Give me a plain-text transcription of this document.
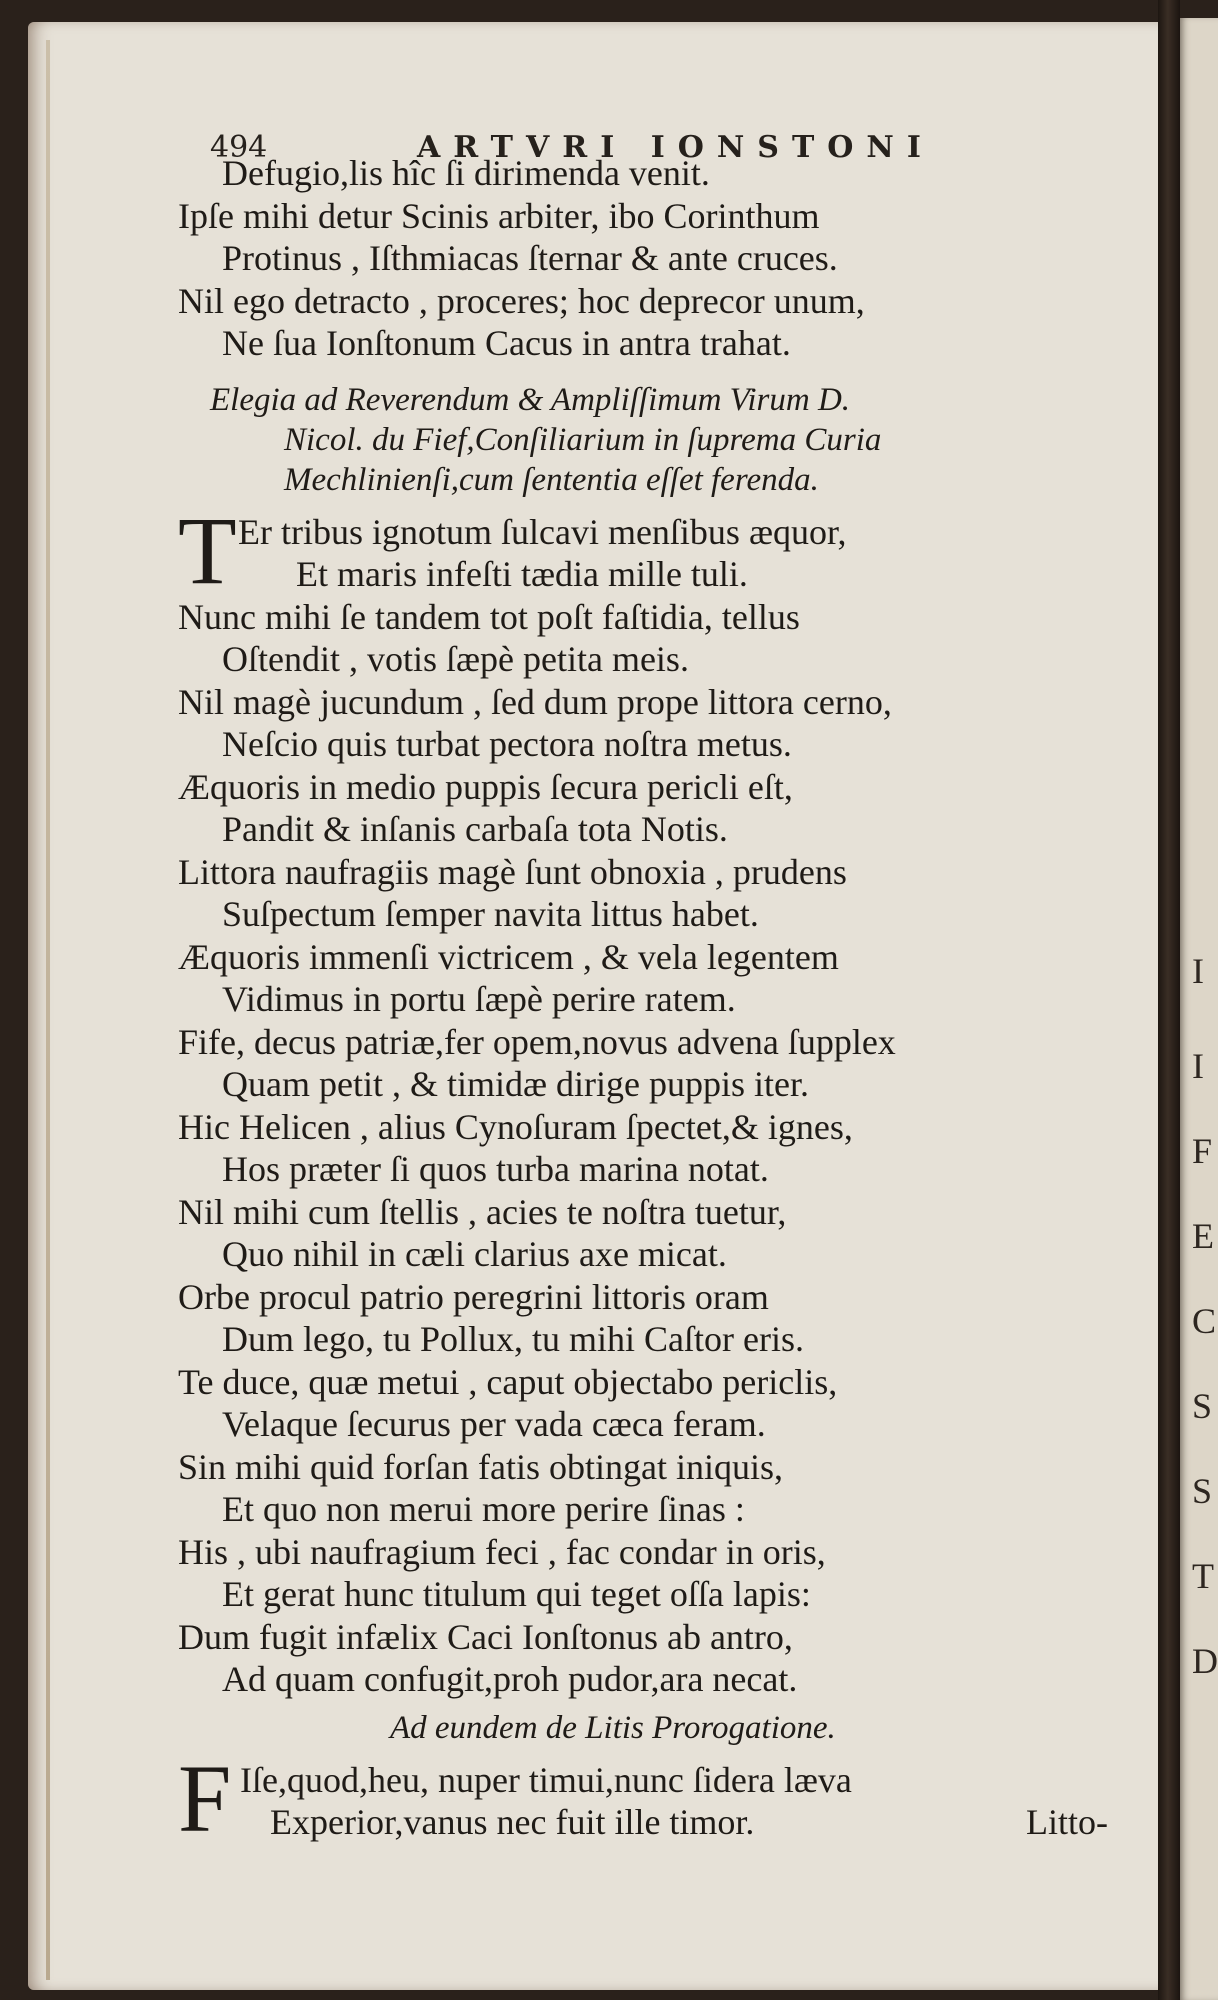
494	ARTVRI IONSTONI
Defugio,lis hîc ſi dirimenda venit.
Ipſe mihi detur Scinis arbiter, ibo Corinthum
Protinus , Iſthmiacas ſternar & ante cruces.
Nil ego detracto , proceres; hoc deprecor unum,
Ne ſua Ionſtonum Cacus in antra trahat.
Elegia ad Reverendum & Ampliſſimum Virum D.
Nicol. du Fief,Conſiliarium in ſuprema Curia
Mechlinienſi,cum ſententia eſſet ferenda.
T Er tribus ignotum ſulcavi menſibus æquor,
Et maris infeſti tædia mille tuli.
Nunc mihi ſe tandem tot poſt faſtidia, tellus
Oſtendit , votis ſæpè petita meis.
Nil magè jucundum , ſed dum prope littora cerno,
Neſcio quis turbat pectora noſtra metus.
Æquoris in medio puppis ſecura pericli eſt,
Pandit & inſanis carbaſa tota Notis.
Littora naufragiis magè ſunt obnoxia , prudens
Suſpectum ſemper navita littus habet.
Æquoris immenſi victricem , & vela legentem
Vidimus in portu ſæpè perire ratem.
Fife, decus patriæ,fer opem,novus advena ſupplex
Quam petit , & timidæ dirige puppis iter.
Hic Helicen , alius Cynoſuram ſpectet,& ignes,
Hos præter ſi quos turba marina notat.
Nil mihi cum ſtellis , acies te noſtra tuetur,
Quo nihil in cæli clarius axe micat.
Orbe procul patrio peregrini littoris oram
Dum lego, tu Pollux, tu mihi Caſtor eris.
Te duce, quæ metui , caput objectabo periclis,
Velaque ſecurus per vada cæca feram.
Sin mihi quid forſan fatis obtingat iniquis,
Et quo non merui more perire ſinas :
His , ubi naufragium feci , fac condar in oris,
Et gerat hunc titulum qui teget oſſa lapis:
Dum fugit infælix Caci Ionſtonus ab antro,
Ad quam confugit,proh pudor,ara necat.
Ad eundem de Litis Prorogatione.
F Iſe,quod,heu, nuper timui,nunc ſidera læva
Experior,vanus nec fuit ille timor.	Litto-
I
I
F
E
C
S
S
T
D
